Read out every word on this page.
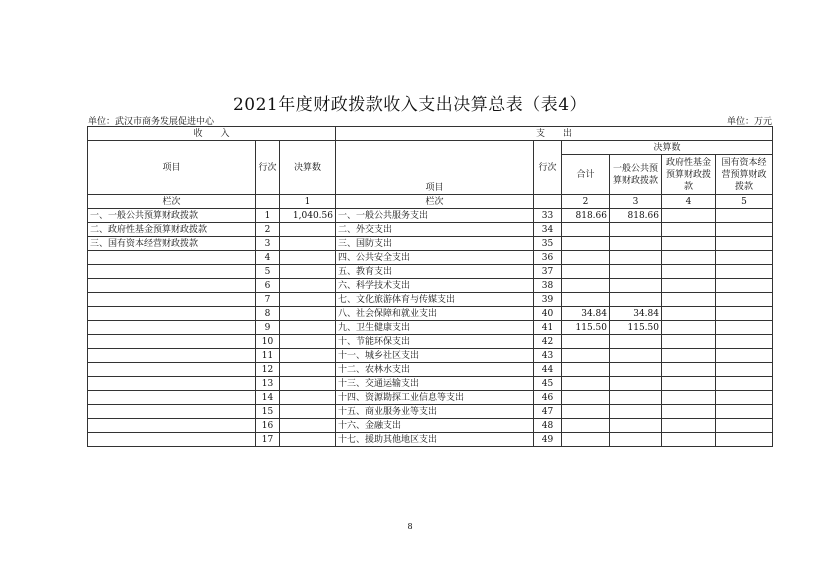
2021年度财政拨款收入支出决算总表（表4）
单位：武汉市商务发展促进中心	单位：万元
收　　入			支　　出					
项目	行次	决算数	项目	行次	决算数			
					合计	一般公共预算财政拨款	政府性基金预算财政拨款	国有资本经营预算财政拨款
栏次		1	栏次		2	3	4	5
一、一般公共预算财政拨款	1	1,040.56	一、一般公共服务支出	33	818.66	818.66		
二、政府性基金预算财政拨款	2		二、外交支出	34				
三、国有资本经营财政拨款	3		三、国防支出	35				
	4		四、公共安全支出	36				
	5		五、教育支出	37				
	6		六、科学技术支出	38				
	7		七、文化旅游体育与传媒支出	39				
	8		八、社会保障和就业支出	40	34.84	34.84		
	9		九、卫生健康支出	41	115.50	115.50		
	10		十、节能环保支出	42				
	11		十一、城乡社区支出	43				
	12		十二、农林水支出	44				
	13		十三、交通运输支出	45				
	14		十四、资源勘探工业信息等支出	46				
	15		十五、商业服务业等支出	47				
	16		十六、金融支出	48				
	17		十七、援助其他地区支出	49				
8
